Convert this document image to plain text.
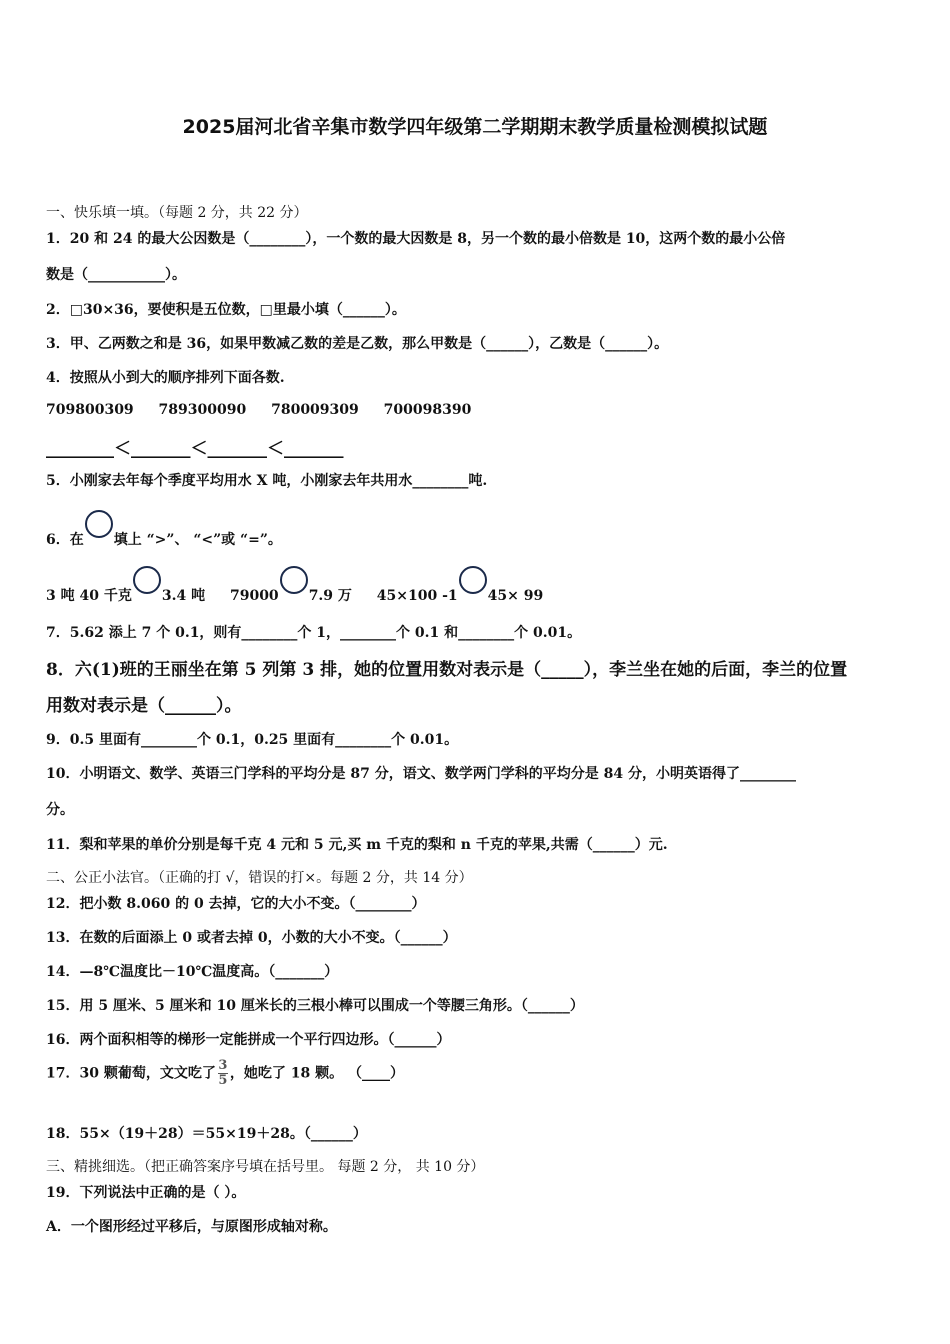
2025届河北省辛集市数学四年级第二学期期末教学质量检测模拟试题
一、快乐填一填。（每题 2 分，共 22 分）
1．20 和 24 的最大公因数是（________），一个数的最大因数是 8，另一个数的最小倍数是 10，这两个数的最小公倍
数是（___________）。
2．□30×36，要使积是五位数，□里最小填（______）。
3．甲、乙两数之和是 36，如果甲数减乙数的差是乙数，那么甲数是（______），乙数是（______）。
4．按照从小到大的顺序排列下面各数.
709800309 789300090 780009309 700098390
________＜_______＜_______＜_______
5．小刚家去年每个季度平均用水 X 吨，小刚家去年共用水________吨.
6．在 填上 “>”、 “<”或 “=”。
3 吨 40 千克 3.4 吨 79000 7.9 万 45×100 -1 45× 99
7．5.62 添上 7 个 0.1，则有________个 1，________个 0.1 和________个 0.01。
8．六(1)班的王丽坐在第 5 列第 3 排，她的位置用数对表示是（_____），李兰坐在她的后面，李兰的位置
用数对表示是（______）。
9．0.5 里面有________个 0.1，0.25 里面有________个 0.01。
10．小明语文、数学、英语三门学科的平均分是 87 分，语文、数学两门学科的平均分是 84 分，小明英语得了________
分。
11．梨和苹果的单价分别是每千克 4 元和 5 元,买 m 千克的梨和 n 千克的苹果,共需（______）元.
二、公正小法官。（正确的打 √，错误的打×。每题 2 分，共 14 分）
12．把小数 8.060 的 0 去掉，它的大小不变。（________）
13．在数的后面添上 0 或者去掉 0，小数的大小不变。（______）
14．—8℃温度比－10℃温度高。（_______）
15．用 5 厘米、5 厘米和 10 厘米长的三根小棒可以围成一个等腰三角形。（______）
16．两个面积相等的梯形一定能拼成一个平行四边形。（______）
17．30 颗葡萄，文文吃了 $\frac{3}{5}$ ，她吃了 18 颗。 （____）
18．55×（19＋28）＝55×19＋28。（______）
三、精挑细选。（把正确答案序号填在括号里。 每题 2 分， 共 10 分）
19．下列说法中正确的是（ ）。
A．一个图形经过平移后，与原图形成轴对称。
